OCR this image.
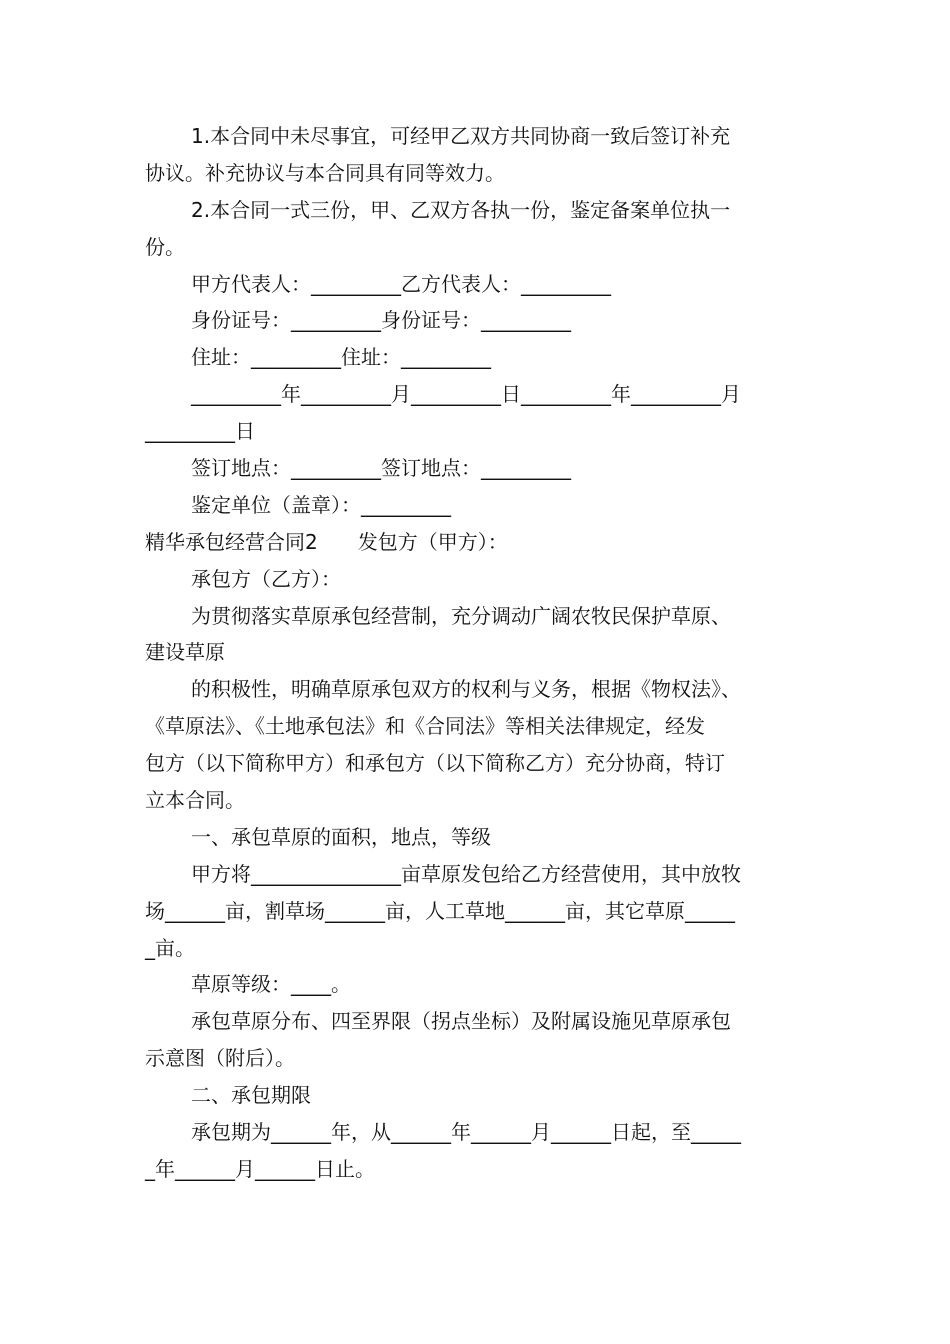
1.本合同中未尽事宜，可经甲乙双方共同协商一致后签订补充
协议。补充协议与本合同具有同等效力。
2.本合同一式三份，甲、乙双方各执一份，鉴定备案单位执一
份。
甲方代表人：_________乙方代表人：_________
身份证号：_________身份证号：_________
住址：_________住址：_________
_________年_________月_________日_________年_________月
_________日
签订地点：_________签订地点：_________
鉴定单位（盖章）：_________
精华承包经营合同2　　发包方（甲方）：
承包方（乙方）：
为贯彻落实草原承包经营制，充分调动广阔农牧民保护草原、
建设草原
的积极性，明确草原承包双方的权利与义务，根据《物权法》、
《草原法》、《土地承包法》和《合同法》等相关法律规定，经发
包方（以下简称甲方）和承包方（以下简称乙方）充分协商，特订
立本合同。
一、承包草原的面积，地点，等级
甲方将_______________亩草原发包给乙方经营使用，其中放牧
场______亩，割草场______亩，人工草地______亩，其它草原_____
_亩。
草原等级：____。
承包草原分布、四至界限（拐点坐标）及附属设施见草原承包
示意图（附后）。
二、承包期限
承包期为______年，从______年______月______日起，至_____
_年______月______日止。
